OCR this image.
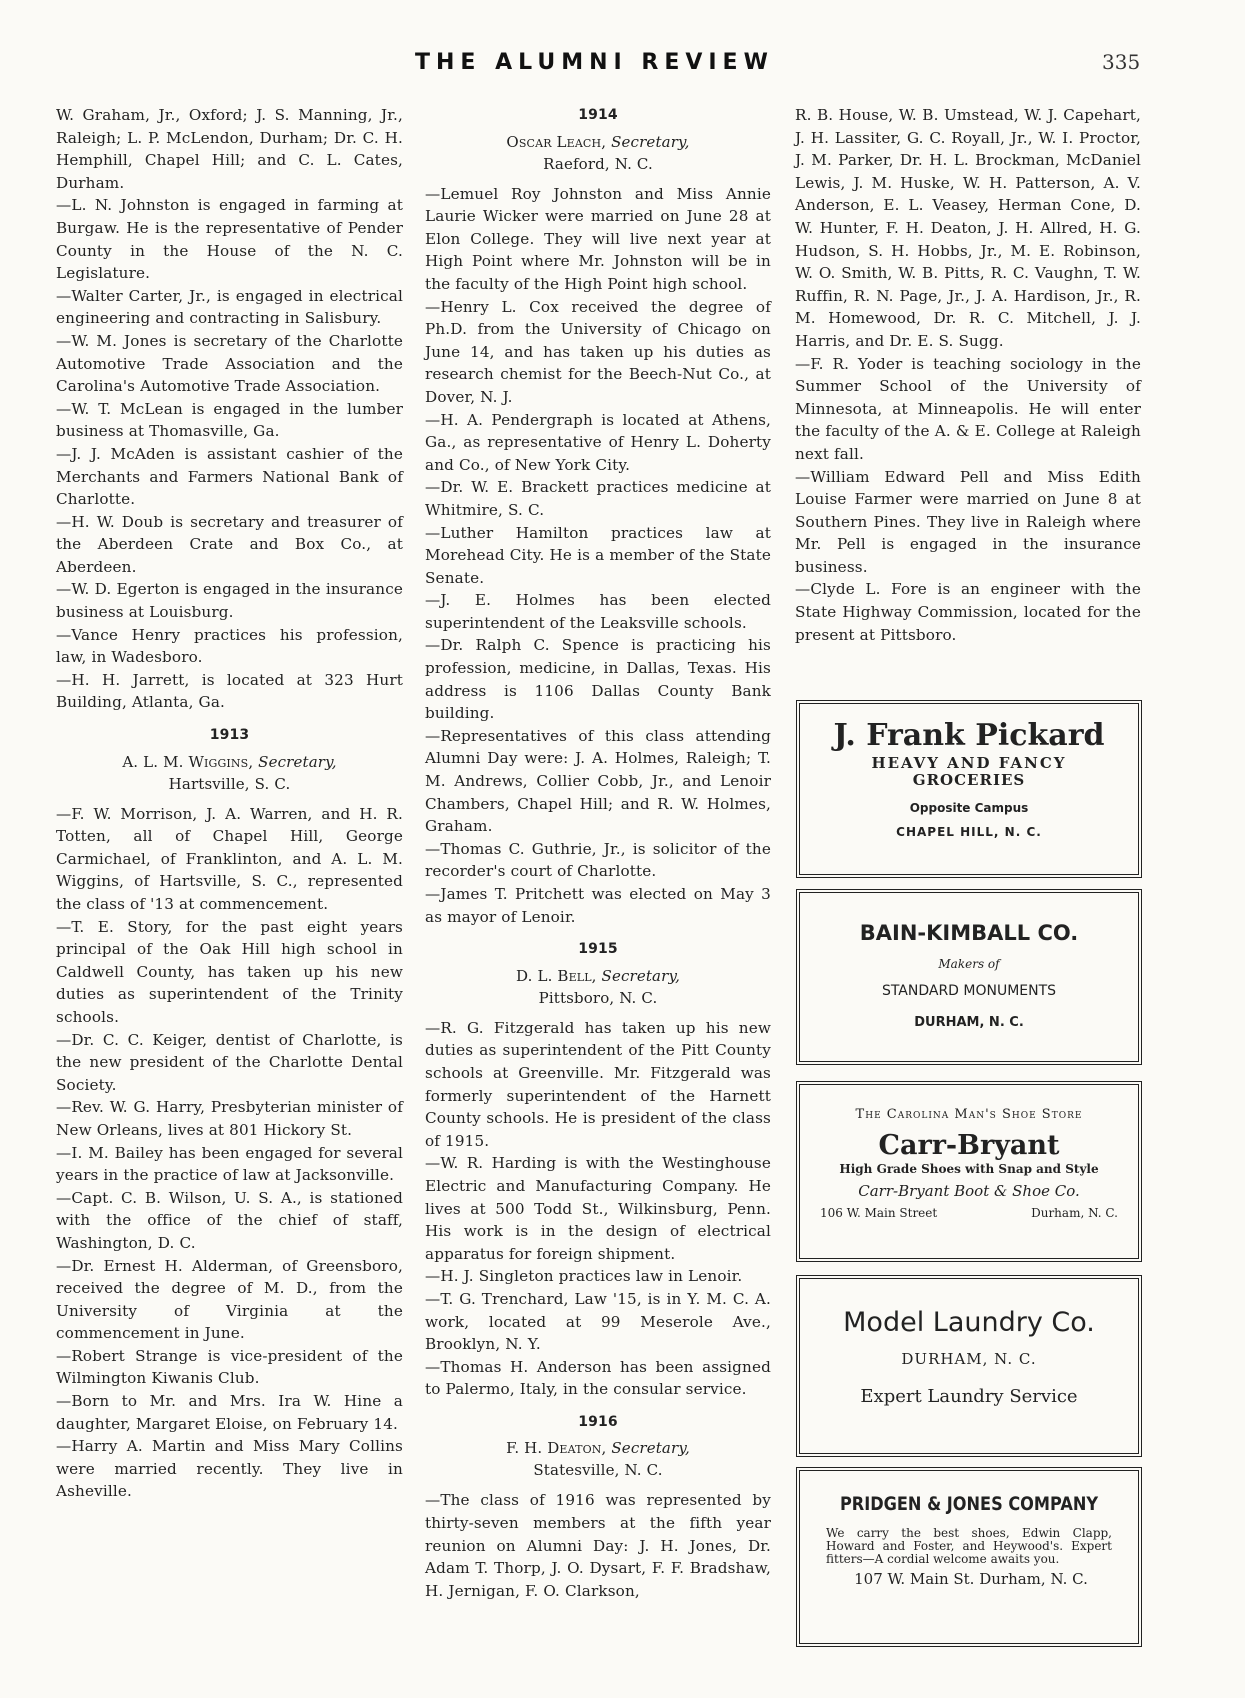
THE ALUMNI REVIEW	335

W. Graham, Jr., Oxford; J. S. Manning, Jr., Raleigh; L. P. McLendon, Durham; Dr. C. H. Hemphill, Chapel Hill; and C. L. Cates, Durham.

—L. N. Johnston is engaged in farming at Burgaw. He is the representative of Pender County in the House of the N. C. Legislature.

—Walter Carter, Jr., is engaged in electrical engineering and contracting in Salisbury.

—W. M. Jones is secretary of the Charlotte Automotive Trade Association and the Carolina's Automotive Trade Association.

—W. T. McLean is engaged in the lumber business at Thomasville, Ga.

—J. J. McAden is assistant cashier of the Merchants and Farmers National Bank of Charlotte.

—H. W. Doub is secretary and treasurer of the Aberdeen Crate and Box Co., at Aberdeen.

—W. D. Egerton is engaged in the insurance business at Louisburg.

—Vance Henry practices his profession, law, in Wadesboro.

—H. H. Jarrett, is located at 323 Hurt Building, Atlanta, Ga.

1913
A. L. M. Wiggins, Secretary,
Hartsville, S. C.

—F. W. Morrison, J. A. Warren, and H. R. Totten, all of Chapel Hill, George Carmichael, of Franklinton, and A. L. M. Wiggins, of Hartsville, S. C., represented the class of '13 at commencement.

—T. E. Story, for the past eight years principal of the Oak Hill high school in Caldwell County, has taken up his new duties as superintendent of the Trinity schools.

—Dr. C. C. Keiger, dentist of Charlotte, is the new president of the Charlotte Dental Society.

—Rev. W. G. Harry, Presbyterian minister of New Orleans, lives at 801 Hickory St.

—I. M. Bailey has been engaged for several years in the practice of law at Jacksonville.

—Capt. C. B. Wilson, U. S. A., is stationed with the office of the chief of staff, Washington, D. C.

—Dr. Ernest H. Alderman, of Greensboro, received the degree of M. D., from the University of Virginia at the commencement in June.

—Robert Strange is vice-president of the Wilmington Kiwanis Club.

—Born to Mr. and Mrs. Ira W. Hine a daughter, Margaret Eloise, on February 14.

—Harry A. Martin and Miss Mary Collins were married recently. They live in Asheville.

1914
Oscar Leach, Secretary,
Raeford, N. C.

—Lemuel Roy Johnston and Miss Annie Laurie Wicker were married on June 28 at Elon College. They will live next year at High Point where Mr. Johnston will be in the faculty of the High Point high school.

—Henry L. Cox received the degree of Ph.D. from the University of Chicago on June 14, and has taken up his duties as research chemist for the Beech-Nut Co., at Dover, N. J.

—H. A. Pendergraph is located at Athens, Ga., as representative of Henry L. Doherty and Co., of New York City.

—Dr. W. E. Brackett practices medicine at Whitmire, S. C.

—Luther Hamilton practices law at Morehead City. He is a member of the State Senate.

—J. E. Holmes has been elected superintendent of the Leaksville schools.

—Dr. Ralph C. Spence is practicing his profession, medicine, in Dallas, Texas. His address is 1106 Dallas County Bank building.

—Representatives of this class attending Alumni Day were: J. A. Holmes, Raleigh; T. M. Andrews, Collier Cobb, Jr., and Lenoir Chambers, Chapel Hill; and R. W. Holmes, Graham.

—Thomas C. Guthrie, Jr., is solicitor of the recorder's court of Charlotte.

—James T. Pritchett was elected on May 3 as mayor of Lenoir.

1915
D. L. Bell, Secretary,
Pittsboro, N. C.

—R. G. Fitzgerald has taken up his new duties as superintendent of the Pitt County schools at Greenville. Mr. Fitzgerald was formerly superintendent of the Harnett County schools. He is president of the class of 1915.

—W. R. Harding is with the Westinghouse Electric and Manufacturing Company. He lives at 500 Todd St., Wilkinsburg, Penn. His work is in the design of electrical apparatus for foreign shipment.

—H. J. Singleton practices law in Lenoir.

—T. G. Trenchard, Law '15, is in Y. M. C. A. work, located at 99 Meserole Ave., Brooklyn, N. Y.

—Thomas H. Anderson has been assigned to Palermo, Italy, in the consular service.

1916
F. H. Deaton, Secretary,
Statesville, N. C.

—The class of 1916 was represented by thirty-seven members at the fifth year reunion on Alumni Day: J. H. Jones, Dr. Adam T. Thorp, J. O. Dysart, F. F. Bradshaw, H. Jernigan, F. O. Clarkson,

R. B. House, W. B. Umstead, W. J. Capehart, J. H. Lassiter, G. C. Royall, Jr., W. I. Proctor, J. M. Parker, Dr. H. L. Brockman, McDaniel Lewis, J. M. Huske, W. H. Patterson, A. V. Anderson, E. L. Veasey, Herman Cone, D. W. Hunter, F. H. Deaton, J. H. Allred, H. G. Hudson, S. H. Hobbs, Jr., M. E. Robinson, W. O. Smith, W. B. Pitts, R. C. Vaughn, T. W. Ruffin, R. N. Page, Jr., J. A. Hardison, Jr., R. M. Homewood, Dr. R. C. Mitchell, J. J. Harris, and Dr. E. S. Sugg.

—F. R. Yoder is teaching sociology in the Summer School of the University of Minnesota, at Minneapolis. He will enter the faculty of the A. & E. College at Raleigh next fall.

—William Edward Pell and Miss Edith Louise Farmer were married on June 8 at Southern Pines. They live in Raleigh where Mr. Pell is engaged in the insurance business.

—Clyde L. Fore is an engineer with the State Highway Commission, located for the present at Pittsboro.

J. Frank Pickard
HEAVY AND FANCY
GROCERIES
Opposite Campus
CHAPEL HILL, N. C.
BAIN-KIMBALL CO.
Makers of
STANDARD MONUMENTS
DURHAM, N. C.
The Carolina Man's Shoe Store
Carr-Bryant
High Grade Shoes with Snap and Style
Carr-Bryant Boot & Shoe Co.
106 W. Main Street	Durham, N. C.
Model Laundry Co.
DURHAM, N. C.
Expert Laundry Service
PRIDGEN & JONES COMPANY
We carry the best shoes, Edwin Clapp, Howard and Foster, and Heywood's. Expert fitters—A cordial welcome awaits you.
107 W. Main St. Durham, N. C.
